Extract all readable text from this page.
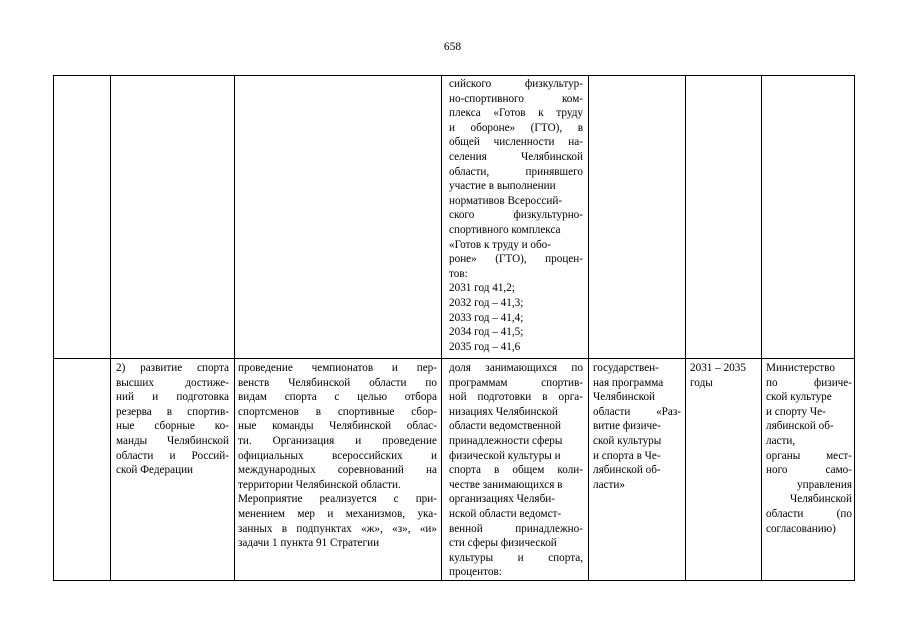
658
сийского физкультур-
но-спортивного ком-
плекса «Готов к труду
и обороне» (ГТО), в
общей численности на-
селения Челябинской
области, принявшего
участие в выполнении
нормативов Всероссий-
ского физкультурно-
спортивного комплекса
«Готов к труду и обо-
роне» (ГТО), процен-
тов:
2031 год 41,2;
2032 год – 41,3;
2033 год – 41,4;
2034 год – 41,5;
2035 год – 41,6
2) развитие спорта
высших достиже-
ний и подготовка
резерва в спортив-
ные сборные ко-
манды Челябинской
области и Россий-
ской Федерации
проведение чемпионатов и пер-
венств Челябинской области по
видам спорта с целью отбора
спортсменов в спортивные сбор-
ные команды Челябинской облас-
ти. Организация и проведение
официальных всероссийских и
международных соревнований на
территории Челябинской области.
Мероприятие реализуется с при-
менением мер и механизмов, ука-
занных в подпунктах «ж», «з», «и»
задачи 1 пункта 91 Стратегии
доля занимающихся по
программам спортив-
ной подготовки в орга-
низациях Челябинской
области ведомственной
принадлежности сферы
физической культуры и
спорта в общем коли-
честве занимающихся в
организациях Челяби-
нской области ведомст-
венной принадлежно-
сти сферы физической
культуры и спорта,
процентов:
государствен-
ная программа
Челябинской
области «Раз-
витие физиче-
ской культуры
и спорта в Че-
лябинской об-
ласти»
2031 – 2035
годы
Министерство
по физиче-
ской культуре
и спорту Че-
лябинской об-
ласти,
органы мест-
ного само-
управления
Челябинской
области (по
согласованию)
